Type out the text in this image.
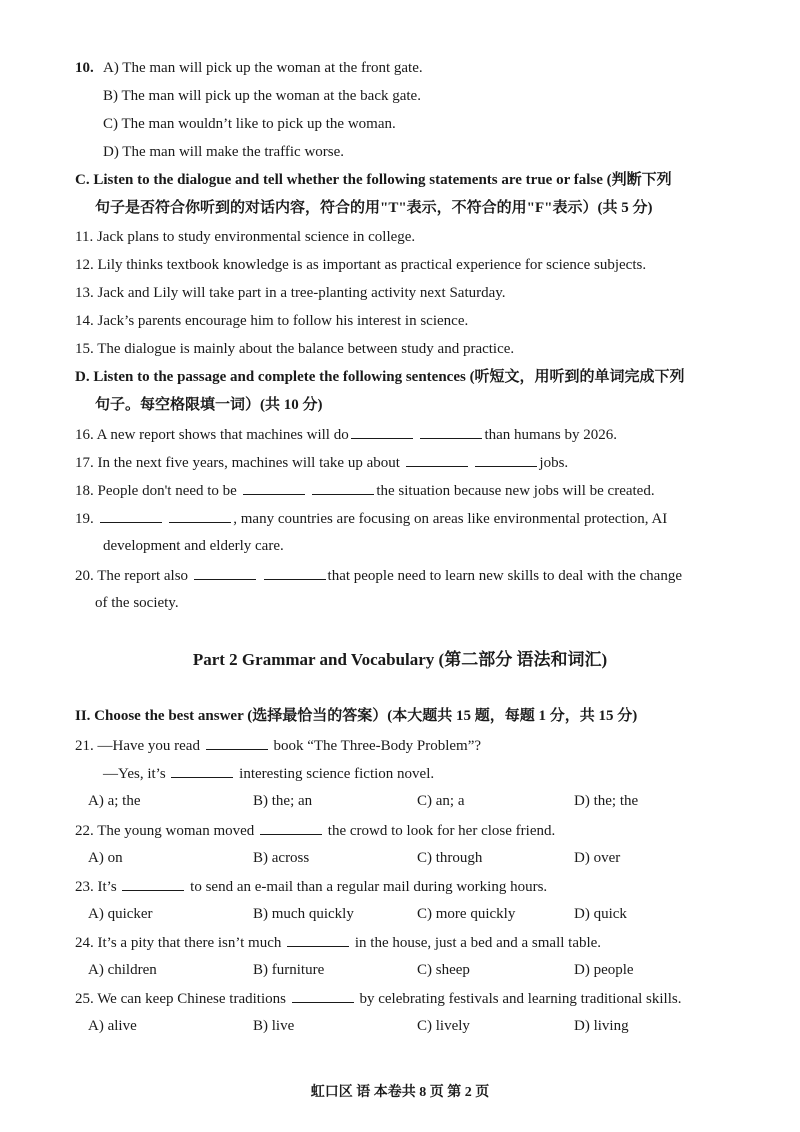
10. A) The man will pick up the woman at the front gate.
B) The man will pick up the woman at the back gate.
C) The man wouldn’t like to pick up the woman.
D) The man will make the traffic worse.
C. Listen to the dialogue and tell whether the following statements are true or false (判断下列
句子是否符合你听到的对话内容，符合的用"T"表示，不符合的用"F"表示）(共 5 分)
11. Jack plans to study environmental science in college.
12. Lily thinks textbook knowledge is as important as practical experience for science subjects.
13. Jack and Lily will take part in a tree-planting activity next Saturday.
14. Jack’s parents encourage him to follow his interest in science.
15. The dialogue is mainly about the balance between study and practice.
D. Listen to the passage and complete the following sentences (听短文，用听到的单词完成下列
句子。每空格限填一词）(共 10 分)
16. A new report shows that machines will do	than humans by 2026.
17. In the next five years, machines will take up about	jobs.
18. People don't need to be	the situation because new jobs will be created.
19.	, many countries are focusing on areas like environmental protection, AI
development and elderly care.
20. The report also	that people need to learn new skills to deal with the change
of the society.
Part 2 Grammar and Vocabulary (第二部分 语法和词汇)
II. Choose the best answer (选择最恰当的答案）(本大题共 15 题，每题 1 分，共 15 分)
21. —Have you read	book “The Three-Body Problem”?
—Yes, it’s	interesting science fiction novel.
A) a; the	B) the; an	C) an; a	D) the; the
22. The young woman moved	the crowd to look for her close friend.
A) on	B) across	C) through	D) over
23. It’s	to send an e-mail than a regular mail during working hours.
A) quicker	B) much quickly	C) more quickly	D) quick
24. It’s a pity that there isn’t much	in the house, just a bed and a small table.
A) children	B) furniture	C) sheep	D) people
25. We can keep Chinese traditions	by celebrating festivals and learning traditional skills.
A) alive	B) live	C) lively	D) living
虹口区 语 本卷共 8 页 第 2 页
